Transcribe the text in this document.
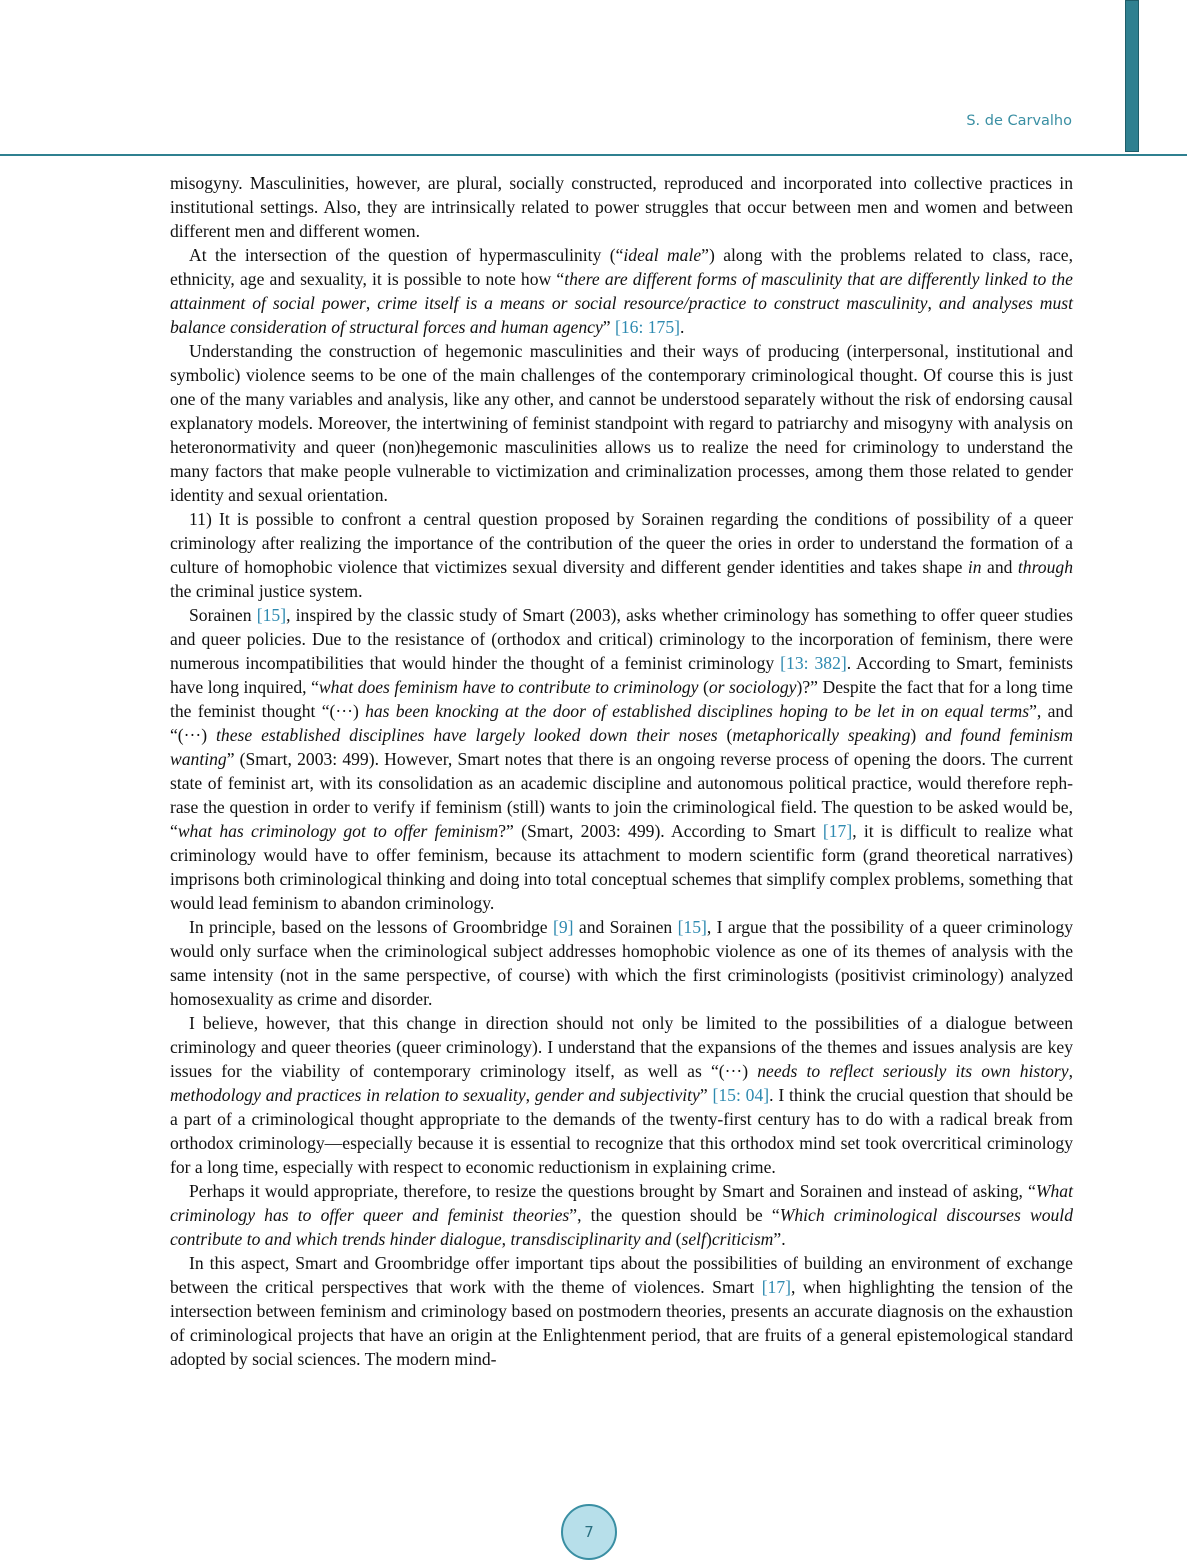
S. de Carvalho

misogyny. Masculinities, however, are plural, socially constructed, reproduced and incorporated into collective practices in institutional settings. Also, they are intrinsically related to power struggles that occur between men and women and between different men and different women.

At the intersection of the question of hypermasculinity (“ideal male”) along with the problems related to class, race, ethnicity, age and sexuality, it is possible to note how “there are different forms of masculinity that are differently linked to the attainment of social power, crime itself is a means or social resource/practice to construct masculinity, and analyses must balance consideration of structural forces and human agency” [16: 175].

Understanding the construction of hegemonic masculinities and their ways of producing (interpersonal, institutional and symbolic) violence seems to be one of the main challenges of the contemporary criminological thought. Of course this is just one of the many variables and analysis, like any other, and cannot be understood separately without the risk of endorsing causal explanatory models. Moreover, the intertwining of feminist standpoint with regard to patriarchy and misogyny with analysis on heteronormativity and queer (non)hegemonic masculinities allows us to realize the need for criminology to understand the many factors that make people vulnerable to victimization and criminalization processes, among them those related to gender identity and sexual orientation.

11) It is possible to confront a central question proposed by Sorainen regarding the conditions of possibility of a queer criminology after realizing the importance of the contribution of the queer the ories in order to understand the formation of a culture of homophobic violence that victimizes sexual diversity and different gender identities and takes shape in and through the criminal justice system.

Sorainen [15], inspired by the classic study of Smart (2003), asks whether criminology has something to offer queer studies and queer policies. Due to the resistance of (orthodox and critical) criminology to the incorporation of feminism, there were numerous incompatibilities that would hinder the thought of a feminist criminology [13: 382]. According to Smart, feminists have long inquired, “what does feminism have to contribute to criminology (or sociology)?” Despite the fact that for a long time the feminist thought “(···) has been knocking at the door of established disciplines hoping to be let in on equal terms”, and “(···) these established disciplines have largely looked down their noses (metaphorically speaking) and found feminism wanting” (Smart, 2003: 499). However, Smart notes that there is an ongoing reverse process of opening the doors. The current state of feminist art, with its consolidation as an academic discipline and autonomous political practice, would therefore rephrase the question in order to verify if feminism (still) wants to join the criminological field. The question to be asked would be, “what has criminology got to offer feminism?” (Smart, 2003: 499). According to Smart [17], it is difficult to realize what criminology would have to offer feminism, because its attachment to modern scientific form (grand theoretical narratives) imprisons both criminological thinking and doing into total conceptual schemes that simplify complex problems, something that would lead feminism to abandon criminology.

In principle, based on the lessons of Groombridge [9] and Sorainen [15], I argue that the possibility of a queer criminology would only surface when the criminological subject addresses homophobic violence as one of its themes of analysis with the same intensity (not in the same perspective, of course) with which the first criminologists (positivist criminology) analyzed homosexuality as crime and disorder.

I believe, however, that this change in direction should not only be limited to the possibilities of a dialogue between criminology and queer theories (queer criminology). I understand that the expansions of the themes and issues analysis are key issues for the viability of contemporary criminology itself, as well as “(···) needs to reflect seriously its own history, methodology and practices in relation to sexuality, gender and subjectivity” [15: 04]. I think the crucial question that should be a part of a criminological thought appropriate to the demands of the twenty-first century has to do with a radical break from orthodox criminology—especially because it is essential to recognize that this orthodox mind set took overcritical criminology for a long time, especially with respect to economic reductionism in explaining crime.

Perhaps it would appropriate, therefore, to resize the questions brought by Smart and Sorainen and instead of asking, “What criminology has to offer queer and feminist theories”, the question should be “Which criminological discourses would contribute to and which trends hinder dialogue, transdisciplinarity and (self)criticism”.

In this aspect, Smart and Groombridge offer important tips about the possibilities of building an environment of exchange between the critical perspectives that work with the theme of violences. Smart [17], when highlighting the tension of the intersection between feminism and criminology based on postmodern theories, presents an accurate diagnosis on the exhaustion of criminological projects that have an origin at the Enlightenment period, that are fruits of a general epistemological standard adopted by social sciences. The modern mind-

7
